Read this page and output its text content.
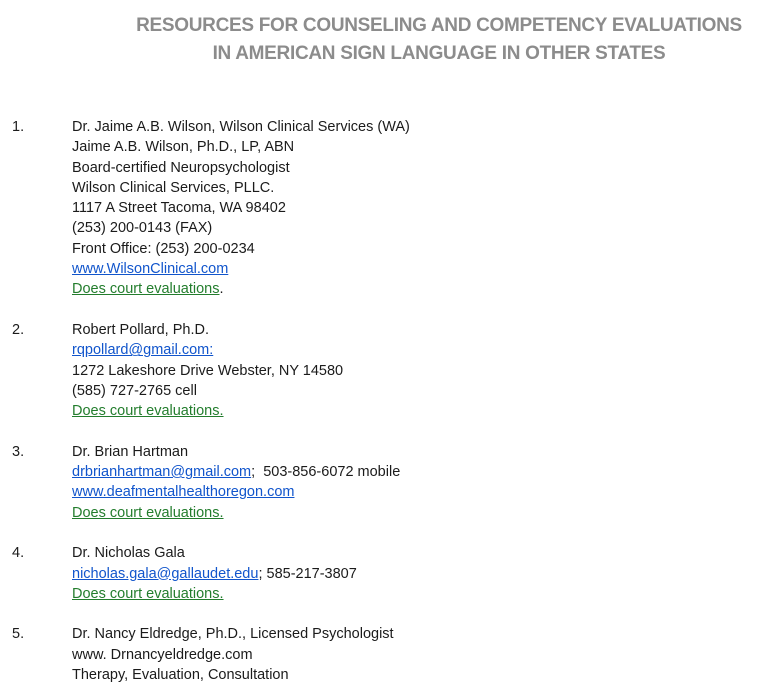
RESOURCES FOR COUNSELING AND COMPETENCY EVALUATIONS
IN AMERICAN SIGN LANGUAGE IN OTHER STATES
1.	Dr. Jaime A.B. Wilson, Wilson Clinical Services (WA)
Jaime A.B. Wilson, Ph.D., LP, ABN
Board-certified Neuropsychologist
Wilson Clinical Services, PLLC.
1117 A Street Tacoma, WA 98402
(253) 200-0143 (FAX)
Front Office: (253) 200-0234
www.WilsonClinical.com
Does court evaluations.
2.	Robert Pollard, Ph.D.
rqpollard@gmail.com:
1272 Lakeshore Drive Webster, NY 14580
(585) 727-2765 cell
Does court evaluations.
3.	Dr. Brian Hartman
drbrianhartman@gmail.com;  503-856-6072 mobile
www.deafmentalhealthoregon.com
Does court evaluations.
4.	Dr. Nicholas Gala
nicholas.gala@gallaudet.edu; 585-217-3807
Does court evaluations.
5.	Dr. Nancy Eldredge, Ph.D., Licensed Psychologist
www. Drnancyeldredge.com
Therapy, Evaluation, Consultation
